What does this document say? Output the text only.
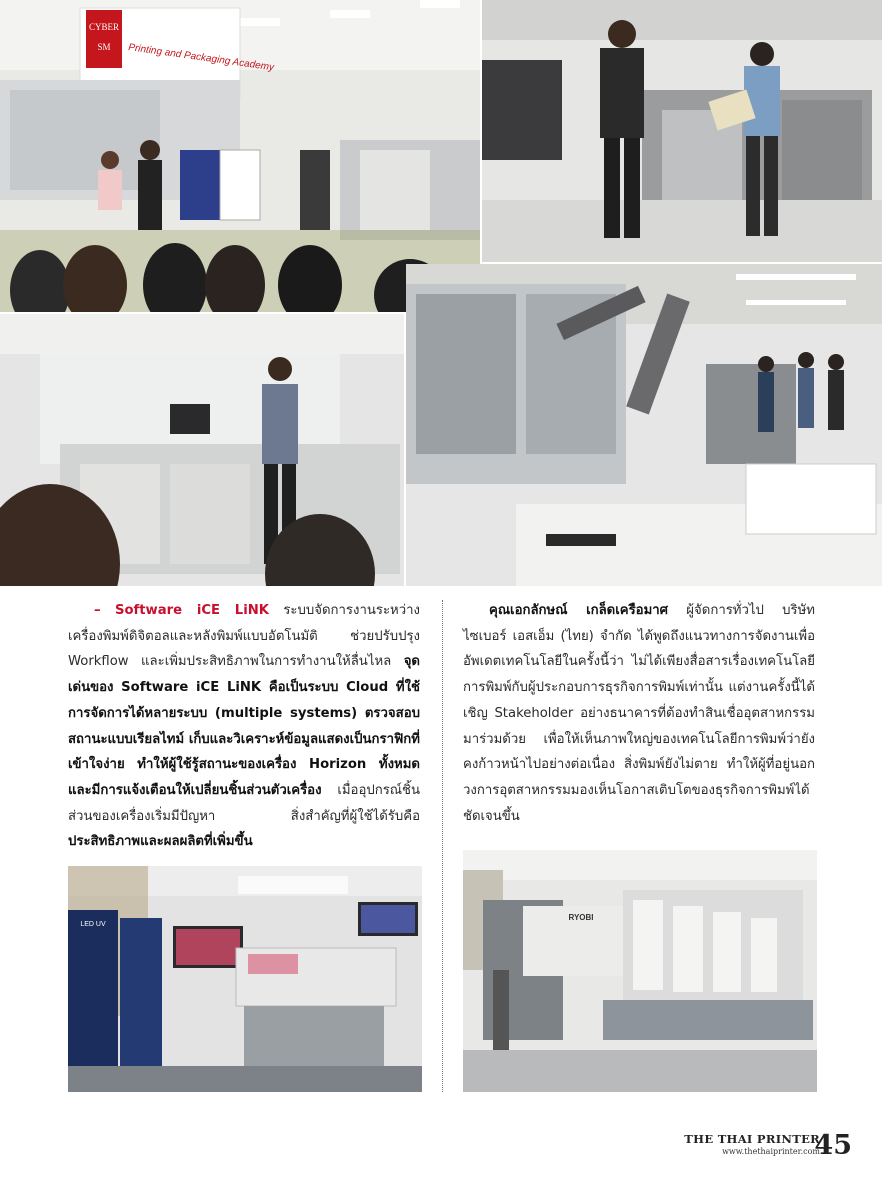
CYBER
SM Printing and Packaging Academy

– Software iCE LiNK ระบบจัดการงานระหว่างเครื่องพิมพ์ดิจิตอลและหลังพิมพ์แบบอัตโนมัติ ช่วยปรับปรุง Workflow และเพิ่มประสิทธิภาพในการทำงานให้ลื่นไหล จุดเด่นของ Software iCE LiNK คือเป็นระบบ Cloud ที่ใช้การจัดการได้หลายระบบ (multiple systems) ตรวจสอบสถานะแบบเรียลไทม์ เก็บและวิเคราะห์ข้อมูลแสดงเป็นกราฟิกที่เข้าใจง่าย ทำให้ผู้ใช้รู้สถานะของเครื่อง Horizon ทั้งหมด และมีการแจ้งเตือนให้เปลี่ยนชิ้นส่วนตัวเครื่อง เมื่ออุปกรณ์ชิ้นส่วนของเครื่องเริ่มมีปัญหา สิ่งสำคัญที่ผู้ใช้ได้รับคือ ประสิทธิภาพและผลผลิตที่เพิ่มขึ้น

LED UV

คุณเอกลักษณ์ เกล็ดเครือมาศ ผู้จัดการทั่วไป บริษัท ไซเบอร์ เอสเอ็ม (ไทย) จำกัด ได้พูดถึงแนวทางการจัดงานเพื่ออัพเดตเทคโนโลยีในครั้งนี้ว่า ไม่ได้เพียงสื่อสารเรื่องเทคโนโลยีการพิมพ์กับผู้ประกอบการธุรกิจการพิมพ์เท่านั้น แต่งานครั้งนี้ได้เชิญ Stakeholder อย่างธนาคารที่ต้องทำสินเชื่ออุตสาหกรรมมาร่วมด้วย เพื่อให้เห็นภาพใหญ่ของเทคโนโลยีการพิมพ์ว่ายังคงก้าวหน้าไปอย่างต่อเนื่อง สิ่งพิมพ์ยังไม่ตาย ทำให้ผู้ที่อยู่นอกวงการอุตสาหกรรมมองเห็นโอกาสเติบโตของธุรกิจการพิมพ์ได้ชัดเจนขึ้น

RYOBI
THE THAI PRINTER
www.thethaiprinter.com
45
